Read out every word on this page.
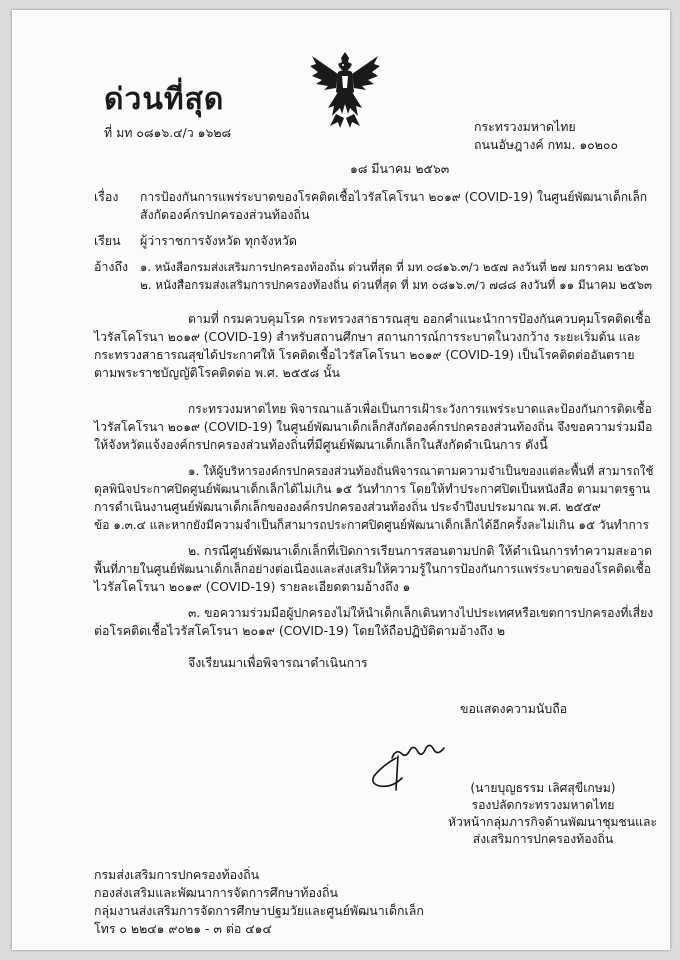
ด่วนที่สุด
ที่ มท ๐๘๑๖.๔/ว ๑๖๒๘	กระทรวงมหาดไทย
ถนนอัษฎางค์ กทม. ๑๐๒๐๐
๑๘ มีนาคม ๒๕๖๓
เรื่อง การป้องกันการแพร่ระบาดของโรคติดเชื้อไวรัสโคโรนา ๒๐๑๙ (COVID-19) ในศูนย์พัฒนาเด็กเล็ก
สังกัดองค์กรปกครองส่วนท้องถิ่น
เรียน ผู้ว่าราชการจังหวัด ทุกจังหวัด
อ้างถึง ๑. หนังสือกรมส่งเสริมการปกครองท้องถิ่น ด่วนที่สุด ที่ มท ๐๘๑๖.๓/ว ๒๕๗ ลงวันที่ ๒๗ มกราคม ๒๕๖๓
๒. หนังสือกรมส่งเสริมการปกครองท้องถิ่น ด่วนที่สุด ที่ มท ๐๘๑๖.๓/ว ๗๘๘ ลงวันที่ ๑๑ มีนาคม ๒๕๖๓
ตามที่ กรมควบคุมโรค กระทรวงสาธารณสุข ออกคำแนะนำการป้องกันควบคุมโรคติดเชื้อ
ไวรัสโคโรนา ๒๐๑๙ (COVID-19) สำหรับสถานศึกษา สถานการณ์การระบาดในวงกว้าง ระยะเริ่มต้น และ
กระทรวงสาธารณสุขได้ประกาศให้ โรคติดเชื้อไวรัสโคโรนา ๒๐๑๙ (COVID-19) เป็นโรคติดต่ออันตราย
ตามพระราชบัญญัติโรคติดต่อ พ.ศ. ๒๕๕๘ นั้น
กระทรวงมหาดไทย พิจารณาแล้วเพื่อเป็นการเฝ้าระวังการแพร่ระบาดและป้องกันการติดเชื้อ
ไวรัสโคโรนา ๒๐๑๙ (COVID-19) ในศูนย์พัฒนาเด็กเล็กสังกัดองค์กรปกครองส่วนท้องถิ่น จึงขอความร่วมมือ
ให้จังหวัดแจ้งองค์กรปกครองส่วนท้องถิ่นที่มีศูนย์พัฒนาเด็กเล็กในสังกัดดำเนินการ ดังนี้
๑. ให้ผู้บริหารองค์กรปกครองส่วนท้องถิ่นพิจารณาตามความจำเป็นของแต่ละพื้นที่ สามารถใช้
ดุลพินิจประกาศปิดศูนย์พัฒนาเด็กเล็กได้ไม่เกิน ๑๕ วันทำการ โดยให้ทำประกาศปิดเป็นหนังสือ ตามมาตรฐาน
การดำเนินงานศูนย์พัฒนาเด็กเล็กขององค์กรปกครองส่วนท้องถิ่น ประจำปีงบประมาณ พ.ศ. ๒๕๕๙
ข้อ ๑.๓.๔ และหากยังมีความจำเป็นก็สามารถประกาศปิดศูนย์พัฒนาเด็กเล็กได้อีกครั้งละไม่เกิน ๑๕ วันทำการ
๒. กรณีศูนย์พัฒนาเด็กเล็กที่เปิดการเรียนการสอนตามปกติ ให้ดำเนินการทำความสะอาด
พื้นที่ภายในศูนย์พัฒนาเด็กเล็กอย่างต่อเนื่องและส่งเสริมให้ความรู้ในการป้องกันการแพร่ระบาดของโรคติดเชื้อ
ไวรัสโคโรนา ๒๐๑๙ (COVID-19) รายละเอียดตามอ้างถึง ๑
๓. ขอความร่วมมือผู้ปกครองไม่ให้นำเด็กเล็กเดินทางไปประเทศหรือเขตการปกครองที่เสี่ยง
ต่อโรคติดเชื้อไวรัสโคโรนา ๒๐๑๙ (COVID-19) โดยให้ถือปฏิบัติตามอ้างถึง ๒
จึงเรียนมาเพื่อพิจารณาดำเนินการ
ขอแสดงความนับถือ
(นายบุญธรรม เลิศสุขีเกษม)
รองปลัดกระทรวงมหาดไทย
หัวหน้ากลุ่มภารกิจด้านพัฒนาชุมชนและ
ส่งเสริมการปกครองท้องถิ่น
กรมส่งเสริมการปกครองท้องถิ่น
กองส่งเสริมและพัฒนาการจัดการศึกษาท้องถิ่น
กลุ่มงานส่งเสริมการจัดการศึกษาปฐมวัยและศูนย์พัฒนาเด็กเล็ก
โทร ๐ ๒๒๔๑ ๙๐๒๑ - ๓ ต่อ ๔๑๔
